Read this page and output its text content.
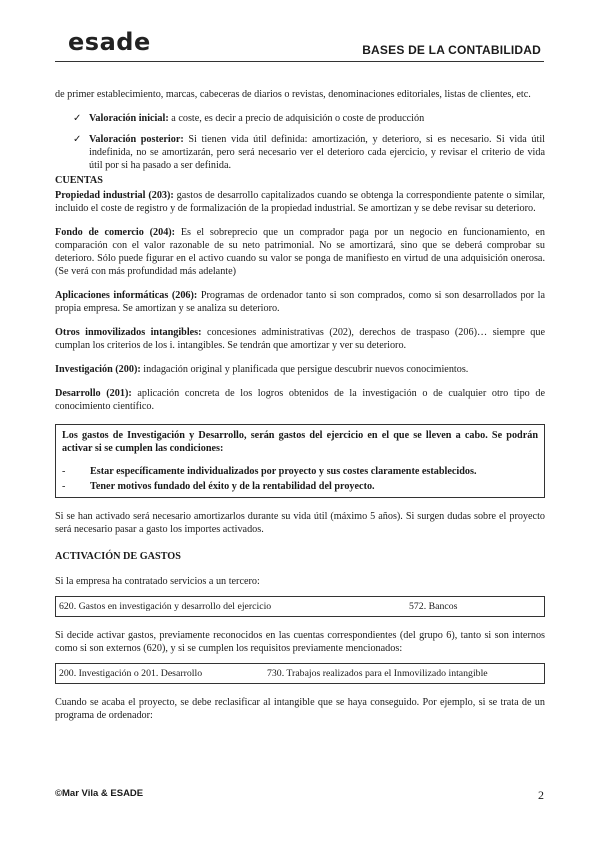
esade	BASES DE LA CONTABILIDAD

de primer establecimiento, marcas, cabeceras de diarios o revistas, denominaciones editoriales, listas de clientes, etc.

✓ Valoración inicial: a coste, es decir a precio de adquisición o coste de producción
✓ Valoración posterior: Si tienen vida útil definida: amortización, y deterioro, si es necesario. Si vida útil indefinida, no se amortizarán, pero será necesario ver el deterioro cada ejercicio, y revisar el criterio de vida útil por si ha pasado a ser definida.
CUENTAS

Propiedad industrial (203): gastos de desarrollo capitalizados cuando se obtenga la correspondiente patente o similar, incluido el coste de registro y de formalización de la propiedad industrial. Se amortizan y se debe revisar su deterioro.

Fondo de comercio (204): Es el sobreprecio que un comprador paga por un negocio en funcionamiento, en comparación con el valor razonable de su neto patrimonial. No se amortizará, sino que se deberá comprobar su deterioro. Sólo puede figurar en el activo cuando su valor se ponga de manifiesto en virtud de una adquisición onerosa. (Se verá con más profundidad más adelante)

Aplicaciones informáticas (206): Programas de ordenador tanto si son comprados, como si son desarrollados por la propia empresa. Se amortizan y se analiza su deterioro.

Otros inmovilizados intangibles: concesiones administrativas (202), derechos de traspaso (206)… siempre que cumplan los criterios de los i. intangibles. Se tendrán que amortizar y ver su deterioro.

Investigación (200): indagación original y planificada que persigue descubrir nuevos conocimientos.

Desarrollo (201): aplicación concreta de los logros obtenidos de la investigación o de cualquier otro tipo de conocimiento científico.

Los gastos de Investigación y Desarrollo, serán gastos del ejercicio en el que se lleven a cabo. Se podrán activar si se cumplen las condiciones:

-	Estar específicamente individualizados por proyecto y sus costes claramente establecidos.
-	Tener motivos fundado del éxito y de la rentabilidad del proyecto.

Si se han activado será necesario amortizarlos durante su vida útil (máximo 5 años). Si surgen dudas sobre el proyecto será necesario pasar a gasto los importes activados.

ACTIVACIÓN DE GASTOS

Si la empresa ha contratado servicios a un tercero:

620. Gastos en investigación y desarrollo del ejercicio	572. Bancos

Si decide activar gastos, previamente reconocidos en las cuentas correspondientes (del grupo 6), tanto si son internos como si son externos (620), y si se cumplen los requisitos previamente mencionados:

200. Investigación o 201. Desarrollo	730. Trabajos realizados para el Inmovilizado intangible

Cuando se acaba el proyecto, se debe reclasificar al intangible que se haya conseguido. Por ejemplo, si se trata de un programa de ordenador:

©Mar Vila & ESADE	2
